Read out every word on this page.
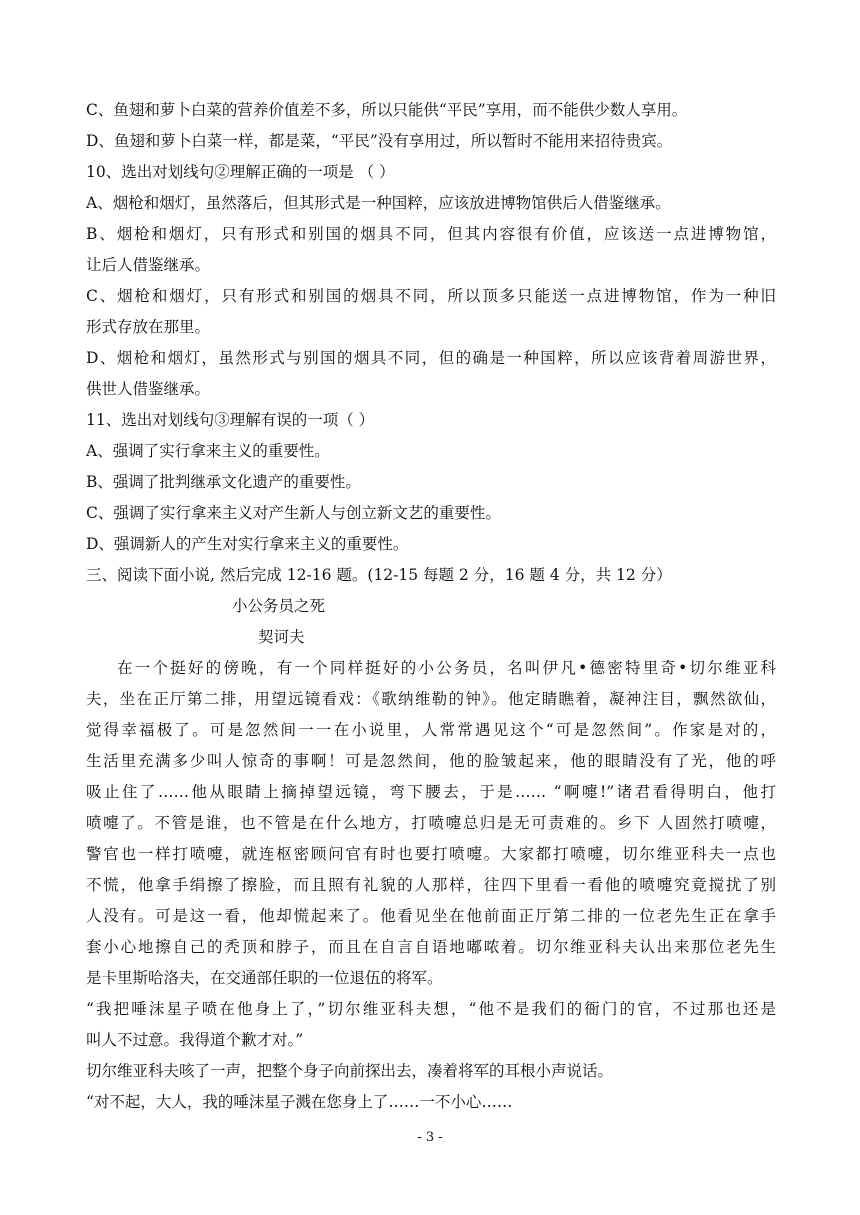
C、鱼翅和萝卜白菜的营养价值差不多，所以只能供“平民”享用，而不能供少数人享用。
D、鱼翅和萝卜白菜一样，都是菜，“平民”没有享用过，所以暂时不能用来招待贵宾。
10、选出对划线句②理解正确的一项是 （ ）
A、烟枪和烟灯，虽然落后，但其形式是一种国粹，应该放进博物馆供后人借鉴继承。
B、烟枪和烟灯，只有形式和别国的烟具不同，但其内容很有价值，应该送一点进博物馆，
让后人借鉴继承。
C、烟枪和烟灯，只有形式和别国的烟具不同，所以顶多只能送一点进博物馆，作为一种旧
形式存放在那里。
D、烟枪和烟灯，虽然形式与别国的烟具不同，但的确是一种国粹，所以应该背着周游世界，
供世人借鉴继承。
11、选出对划线句③理解有误的一项（ ）
A、强调了实行拿来主义的重要性。
B、强调了批判继承文化遗产的重要性。
C、强调了实行拿来主义对产生新人与创立新文艺的重要性。
D、强调新人的产生对实行拿来主义的重要性。
三、阅读下面小说, 然后完成 12-16 题。(12-15 每题 2 分，16 题 4 分，共 12 分）
小公务员之死
契诃夫
在一个挺好的傍晚，有一个同样挺好的小公务员，名叫伊凡•德密特里奇•切尔维亚科
夫，坐在正厅第二排，用望远镜看戏：《歌纳维勒的钟》。他定睛瞧着，凝神注目，飘然欲仙，
觉得幸福极了。可是忽然间一一在小说里，人常常遇见这个“可是忽然间”。作家是对的，
生活里充满多少叫人惊奇的事啊！可是忽然间，他的脸皱起来，他的眼睛没有了光，他的呼
吸止住了……他从眼睛上摘掉望远镜，弯下腰去，于是…… “啊嚏!”诸君看得明白，他打
喷嚏了。不管是谁，也不管是在什么地方，打喷嚏总归是无可责难的。乡下 人固然打喷嚏，
警官也一样打喷嚏，就连枢密顾问官有时也要打喷嚏。大家都打喷嚏，切尔维亚科夫一点也
不慌，他拿手绢擦了擦脸，而且照有礼貌的人那样，往四下里看一看他的喷嚏究竟搅扰了别
人没有。可是这一看，他却慌起来了。他看见坐在他前面正厅第二排的一位老先生正在拿手
套小心地擦自己的秃顶和脖子，而且在自言自语地嘟哝着。切尔维亚科夫认出来那位老先生
是卡里斯哈洛夫，在交通部任职的一位退伍的将军。
“我把唾沫星子喷在他身上了，”切尔维亚科夫想，“他不是我们的衙门的官，不过那也还是
叫人不过意。我得道个歉才对。”
切尔维亚科夫咳了一声，把整个身子向前探出去，凑着将军的耳根小声说话。
“对不起，大人，我的唾沫星子溅在您身上了……一不小心……
- 3 -
